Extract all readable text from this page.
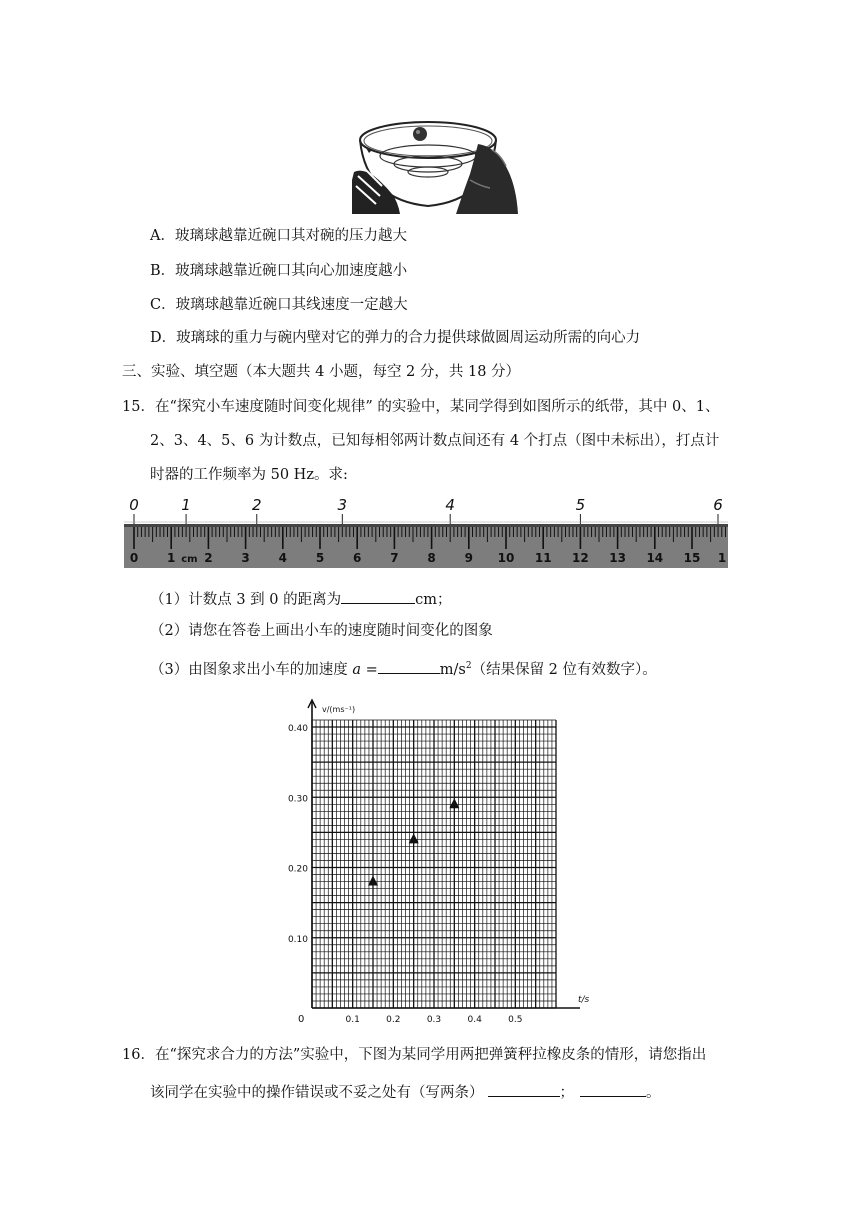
A．玻璃球越靠近碗口其对碗的压力越大
B．玻璃球越靠近碗口其向心加速度越小
C．玻璃球越靠近碗口其线速度一定越大
D．玻璃球的重力与碗内壁对它的弹力的合力提供球做圆周运动所需的向心力
三、实验、填空题（本大题共 4 小题，每空 2 分，共 18 分）
15．在“探究小车速度随时间变化规律” 的实验中，某同学得到如图所示的纸带，其中 0、1、
2、3、4、5、6 为计数点，已知每相邻两计数点间还有 4 个打点（图中未标出），打点计
时器的工作频率为 50 Hz。求:
0 1 2 3 4 5 6 7 8 9 10 11 12 13 14 15 1
cm
0	1	2	3	4	5	6
（1）计数点 3 到 0 的距离为	cm；
（2）请您在答卷上画出小车的速度随时间变化的图象
（3）由图象求出小车的加速度 a =	$m/s^2$（结果保留 2 位有效数字）。
v/(ms⁻¹)
t/s
0
0.40
0.30
0.20
0.10
0.1	0.2	0.3	0.4	0.5
16．在“探究求合力的方法”实验中，下图为某同学用两把弹簧秤拉橡皮条的情形，请您指出
该同学在实验中的操作错误或不妥之处有（写两条）	；	。
